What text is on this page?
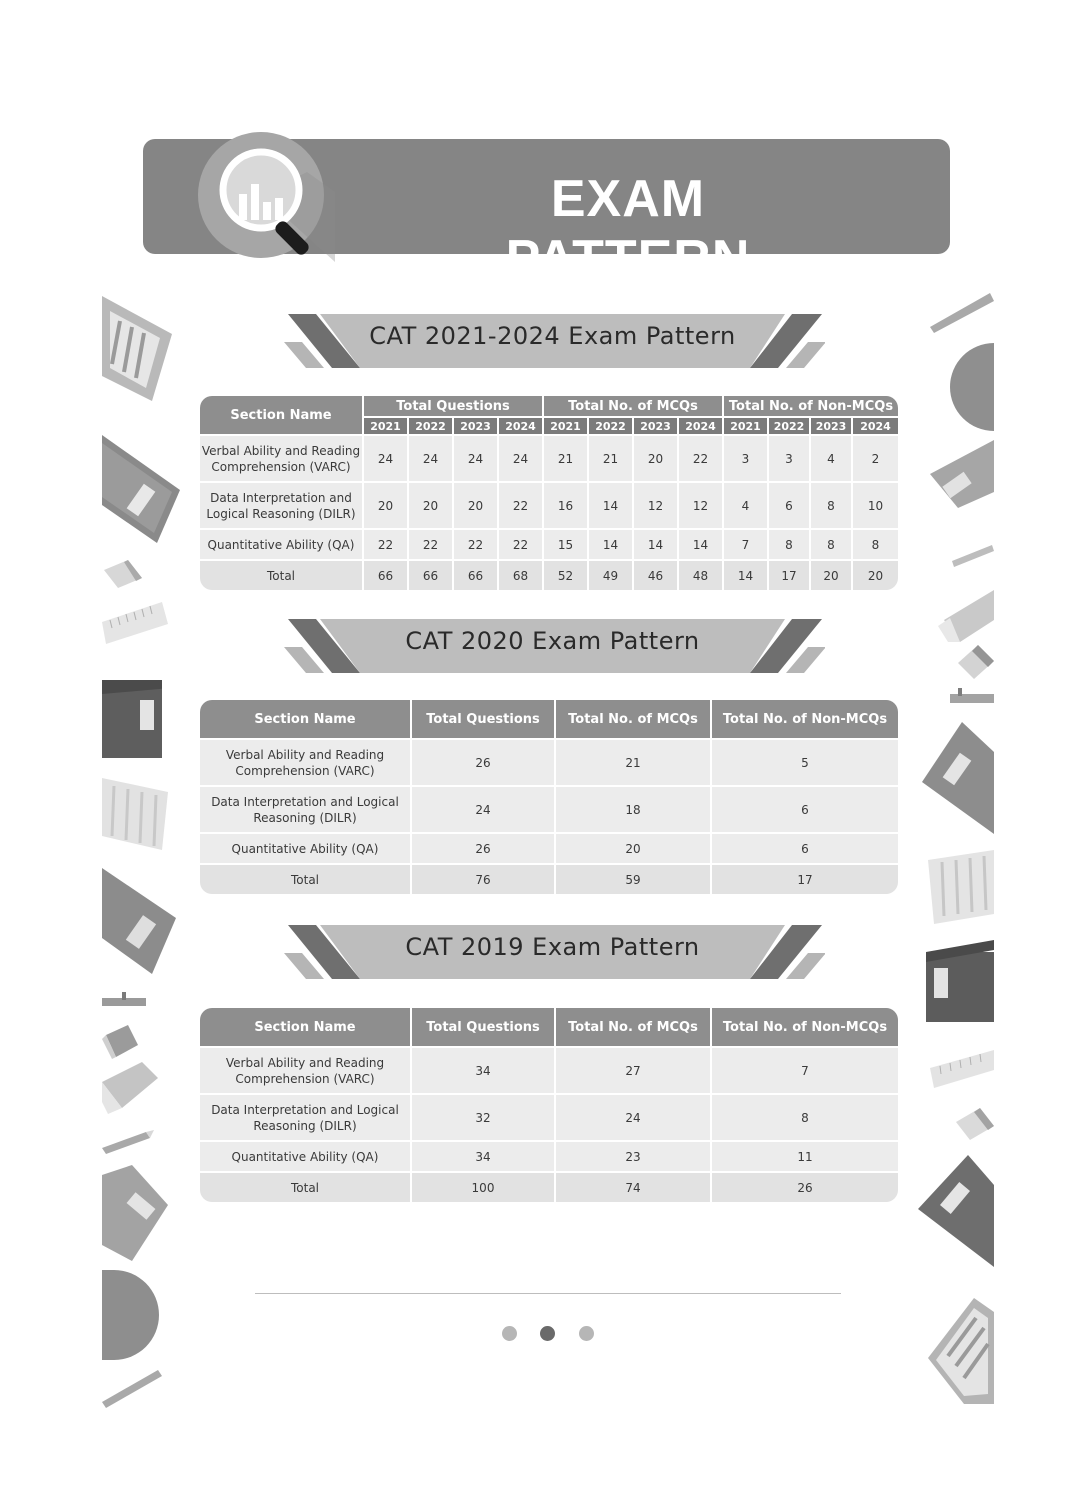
EXAM PATTERN
CAT 2021-2024 Exam Pattern
Section Name	Total Questions				Total No. of MCQs				Total No. of Non-MCQs			
	2021	2022	2023	2024	2021	2022	2023	2024	2021	2022	2023	2024
Verbal Ability and Reading Comprehension (VARC)	24	24	24	24	21	21	20	22	3	3	4	2
Data Interpretation and Logical Reasoning (DILR)	20	20	20	22	16	14	12	12	4	6	8	10
Quantitative Ability (QA)	22	22	22	22	15	14	14	14	7	8	8	8
Total	66	66	66	68	52	49	46	48	14	17	20	20
CAT 2020 Exam Pattern
Section Name	Total Questions	Total No. of MCQs	Total No. of Non-MCQs
Verbal Ability and Reading Comprehension (VARC)	26	21	5
Data Interpretation and Logical Reasoning (DILR)	24	18	6
Quantitative Ability (QA)	26	20	6
Total	76	59	17
CAT 2019 Exam Pattern
Section Name	Total Questions	Total No. of MCQs	Total No. of Non-MCQs
Verbal Ability and Reading Comprehension (VARC)	34	27	7
Data Interpretation and Logical Reasoning (DILR)	32	24	8
Quantitative Ability (QA)	34	23	11
Total	100	74	26
